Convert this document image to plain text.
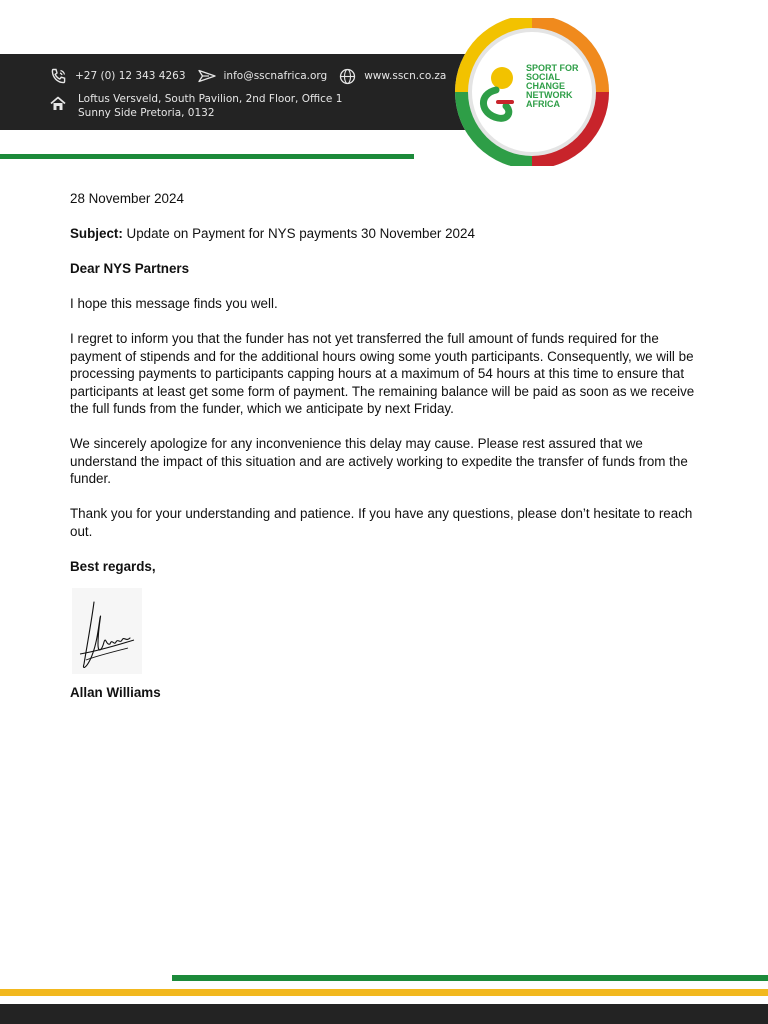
+27 (0) 12 343 4263	info@sscnafrica.org	www.sscn.co.za
Loftus Versveld, South Pavilion, 2nd Floor, Office 1
Sunny Side Pretoria, 0132
SPORT FOR
SOCIAL
CHANGE
NETWORK
AFRICA

28 November 2024

Subject: Update on Payment for NYS payments 30 November 2024

Dear NYS Partners

I hope this message finds you well.

I regret to inform you that the funder has not yet transferred the full amount of funds required for the payment of stipends and for the additional hours owing some youth participants. Consequently, we will be processing payments to participants capping hours at a maximum of 54 hours at this time to ensure that participants at least get some form of payment. The remaining balance will be paid as soon as we receive the full funds from the funder, which we anticipate by next Friday.

We sincerely apologize for any inconvenience this delay may cause. Please rest assured that we understand the impact of this situation and are actively working to expedite the transfer of funds from the funder.

Thank you for your understanding and patience. If you have any questions, please don’t hesitate to reach out.

Best regards,

Allan Williams
